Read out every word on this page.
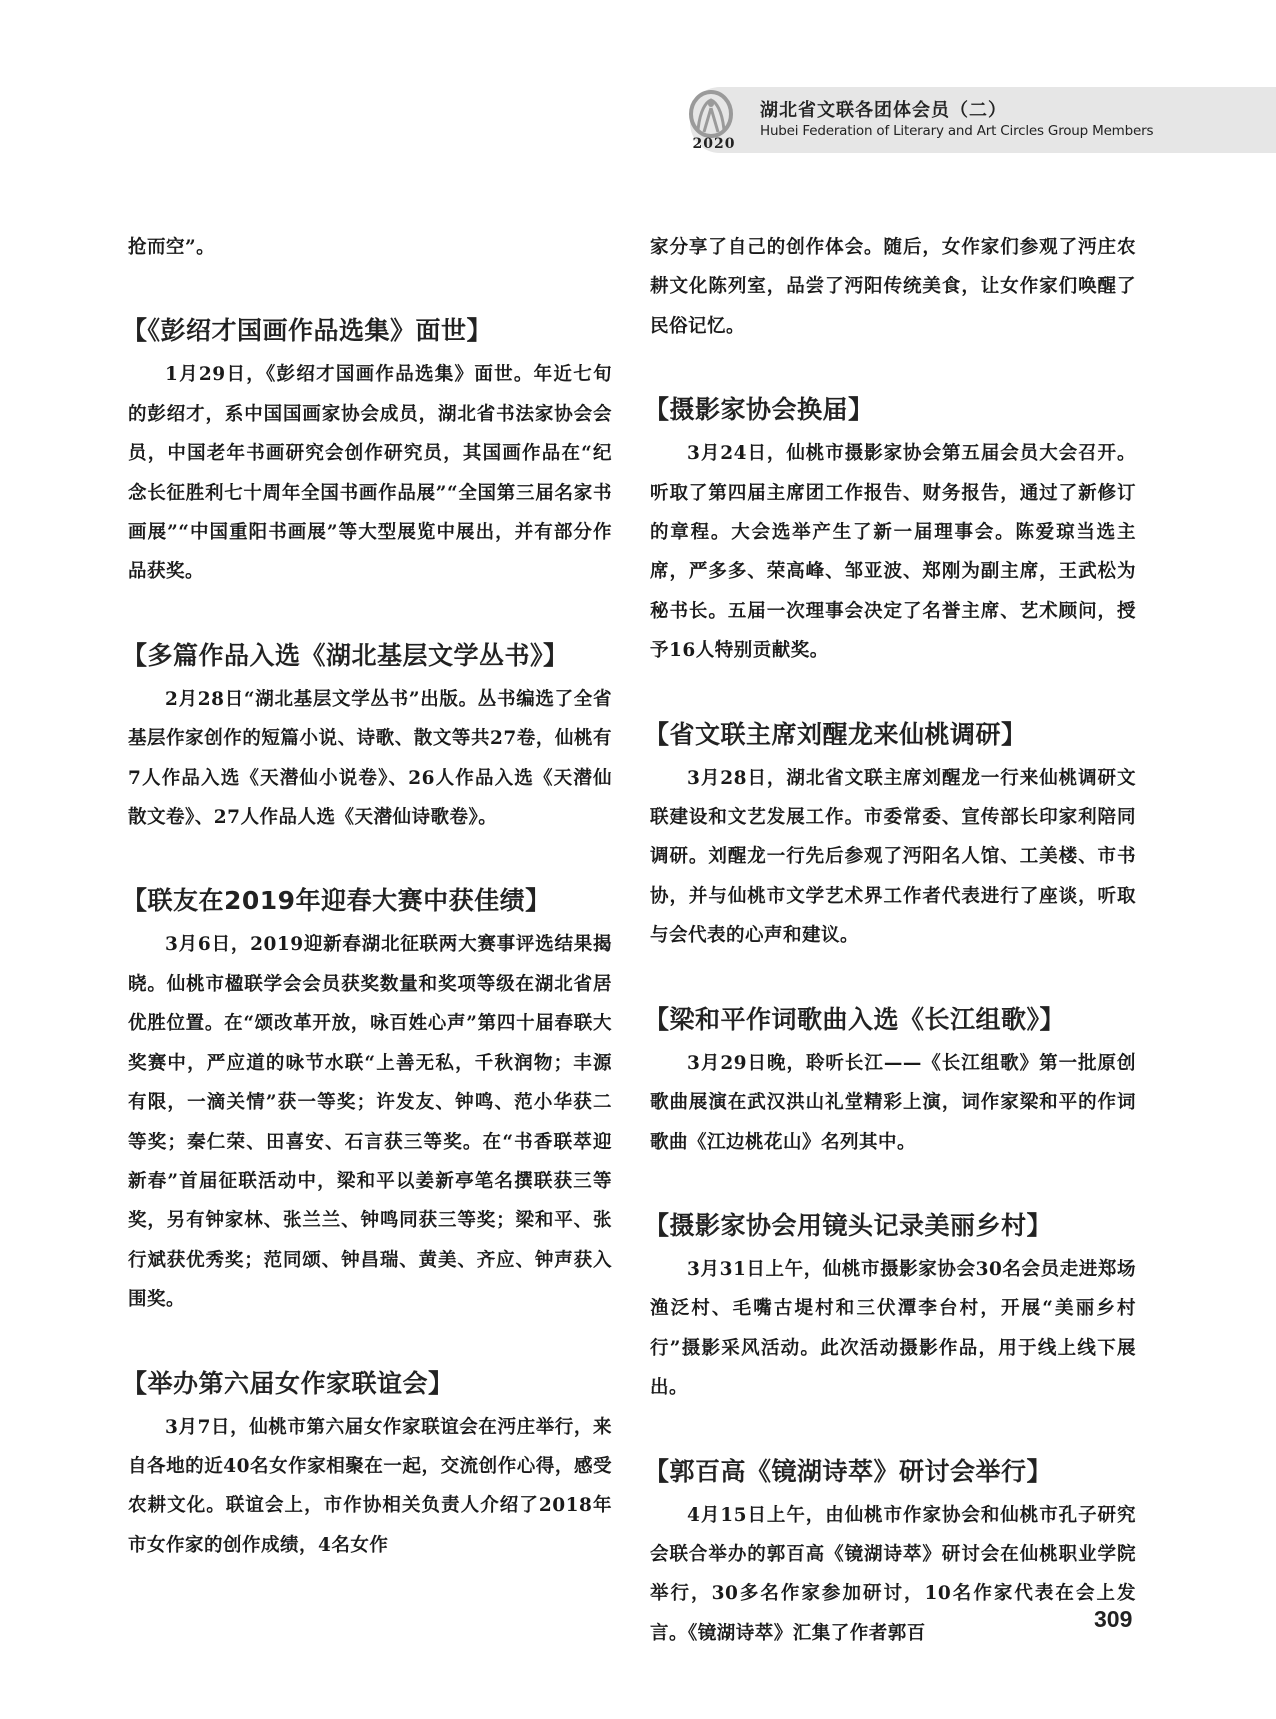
2020
湖北省文联各团体会员（二）
Hubei Federation of Literary and Art Circles Group Members

抢而空”。

【《彭绍才国画作品选集》面世】

1月29日，《彭绍才国画作品选集》面世。年近七旬的彭绍才，系中国国画家协会成员，湖北省书法家协会会员，中国老年书画研究会创作研究员，其国画作品在“纪念长征胜利七十周年全国书画作品展”“全国第三届名家书画展”“中国重阳书画展”等大型展览中展出，并有部分作品获奖。

【多篇作品入选《湖北基层文学丛书》】

2月28日“湖北基层文学丛书”出版。丛书编选了全省基层作家创作的短篇小说、诗歌、散文等共27卷，仙桃有7人作品入选《天潜仙小说卷》、26人作品入选《天潜仙散文卷》、27人作品人选《天潜仙诗歌卷》。

【联友在2019年迎春大赛中获佳绩】

3月6日，2019迎新春湖北征联两大赛事评选结果揭晓。仙桃市楹联学会会员获奖数量和奖项等级在湖北省居优胜位置。在“颂改革开放，咏百姓心声”第四十届春联大奖赛中，严应道的咏节水联“上善无私，千秋润物；丰源有限，一滴关情”获一等奖；许发友、钟鸣、范小华获二等奖；秦仁荣、田喜安、石言获三等奖。在“书香联萃迎新春”首届征联活动中，梁和平以姜新亭笔名撰联获三等奖，另有钟家林、张兰兰、钟鸣同获三等奖；梁和平、张行斌获优秀奖；范同颂、钟昌瑞、黄美、齐应、钟声获入围奖。

【举办第六届女作家联谊会】

3月7日，仙桃市第六届女作家联谊会在沔庄举行，来自各地的近40名女作家相聚在一起，交流创作心得，感受农耕文化。联谊会上，市作协相关负责人介绍了2018年市女作家的创作成绩，4名女作

家分享了自己的创作体会。随后，女作家们参观了沔庄农耕文化陈列室，品尝了沔阳传统美食，让女作家们唤醒了民俗记忆。

【摄影家协会换届】

3月24日，仙桃市摄影家协会第五届会员大会召开。听取了第四届主席团工作报告、财务报告，通过了新修订的章程。大会选举产生了新一届理事会。陈爱琼当选主席，严多多、荣高峰、邹亚波、郑刚为副主席，王武松为秘书长。五届一次理事会决定了名誉主席、艺术顾问，授予16人特别贡献奖。

【省文联主席刘醒龙来仙桃调研】

3月28日，湖北省文联主席刘醒龙一行来仙桃调研文联建设和文艺发展工作。市委常委、宣传部长印家利陪同调研。刘醒龙一行先后参观了沔阳名人馆、工美楼、市书协，并与仙桃市文学艺术界工作者代表进行了座谈，听取与会代表的心声和建议。

【梁和平作词歌曲入选《长江组歌》】

3月29日晚，聆听长江——《长江组歌》第一批原创歌曲展演在武汉洪山礼堂精彩上演，词作家梁和平的作词歌曲《江边桃花山》名列其中。

【摄影家协会用镜头记录美丽乡村】

3月31日上午，仙桃市摄影家协会30名会员走进郑场渔泛村、毛嘴古堤村和三伏潭李台村，开展“美丽乡村行”摄影采风活动。此次活动摄影作品，用于线上线下展出。

【郭百高《镜湖诗萃》研讨会举行】

4月15日上午，由仙桃市作家协会和仙桃市孔子研究会联合举办的郭百高《镜湖诗萃》研讨会在仙桃职业学院举行，30多名作家参加研讨，10名作家代表在会上发言。《镜湖诗萃》汇集了作者郭百

309
